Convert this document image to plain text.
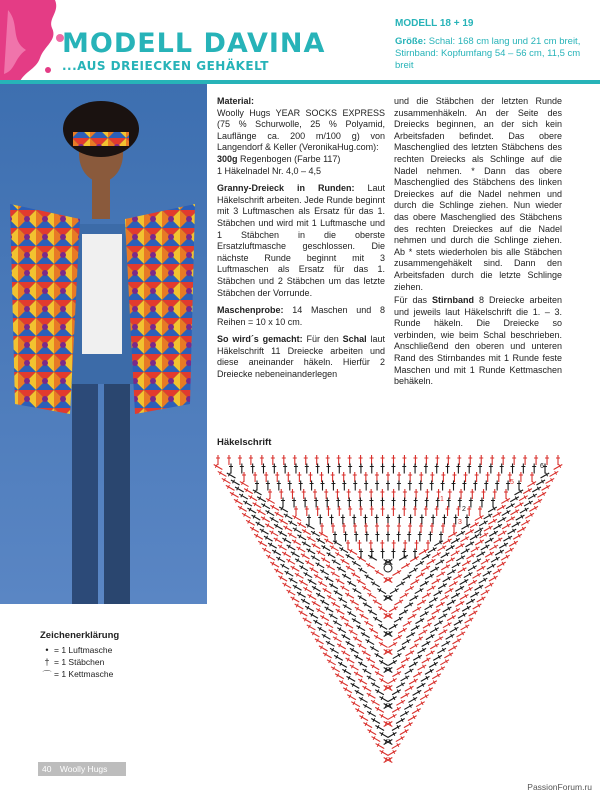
MODELL DAVINA
...AUS DREIECKEN GEHÄKELT
MODELL 18 + 19
Größe: Schal: 168 cm lang und 21 cm breit, Stirnband: Kopfumfang 54 – 56 cm, 11,5 cm breit

Material:
Woolly Hugs YEAR SOCKS EXPRESS (75 % Schurwolle, 25 % Polyamid, Lauflänge ca. 200 m/100 g) von Langendorf & Keller (VeronikaHug.com):
300g Regenbogen (Farbe 117)
1 Häkelnadel Nr. 4,0 – 4,5

Granny-Dreieck in Runden: Laut Häkelschrift arbeiten. Jede Runde beginnt mit 3 Luftmaschen als Ersatz für das 1. Stäbchen und wird mit 1 Luftmasche und 1 Stäbchen in die oberste Ersatzluftmasche geschlossen. Die nächste Runde beginnt mit 3 Luftmaschen als Ersatz für das 1. Stäbchen und 2 Stäbchen um das letzte Stäbchen der Vorrunde.

Maschenprobe: 14 Maschen und 8 Reihen = 10 x 10 cm.

So wird´s gemacht: Für den Schal laut Häkelschrift 11 Dreiecke arbeiten und diese aneinander häkeln. Hierfür 2 Dreiecke nebeneinanderlegen

und die Stäbchen der letzten Runde zusammenhäkeln. An der Seite des Dreiecks beginnen, an der sich kein Arbeitsfaden befindet. Das obere Maschenglied des letzten Stäbchens des rechten Dreiecks als Schlinge auf die Nadel nehmen. * Dann das obere Maschenglied des Stäbchens des linken Dreieckes auf die Nadel nehmen und durch die Schlinge ziehen. Nun wieder das obere Maschenglied des Stäbchens des rechten Dreieckes auf die Nadel nehmen und durch die Schlinge ziehen. Ab * stets wiederholen bis alle Stäbchen zusammengehäkelt sind. Dann den Arbeitsfaden durch die letzte Schlinge ziehen.

Für das Stirnband 8 Dreiecke arbeiten und jeweils laut Häkelschrift die 1. – 3. Runde häkeln. Die Dreiecke so verbinden, wie beim Schal beschrieben. Anschließend den oberen und unteren Rand des Stirnbandes mit 1 Runde feste Maschen und mit 1 Runde Kettmaschen behäkeln.

Häkelschrift
1
2
3
4
5
6
Zeichenerklärung
• = 1 Luftmasche
† = 1 Stäbchen
⌒ = 1 Kettmasche
40 Woolly Hugs
PassionForum.ru
